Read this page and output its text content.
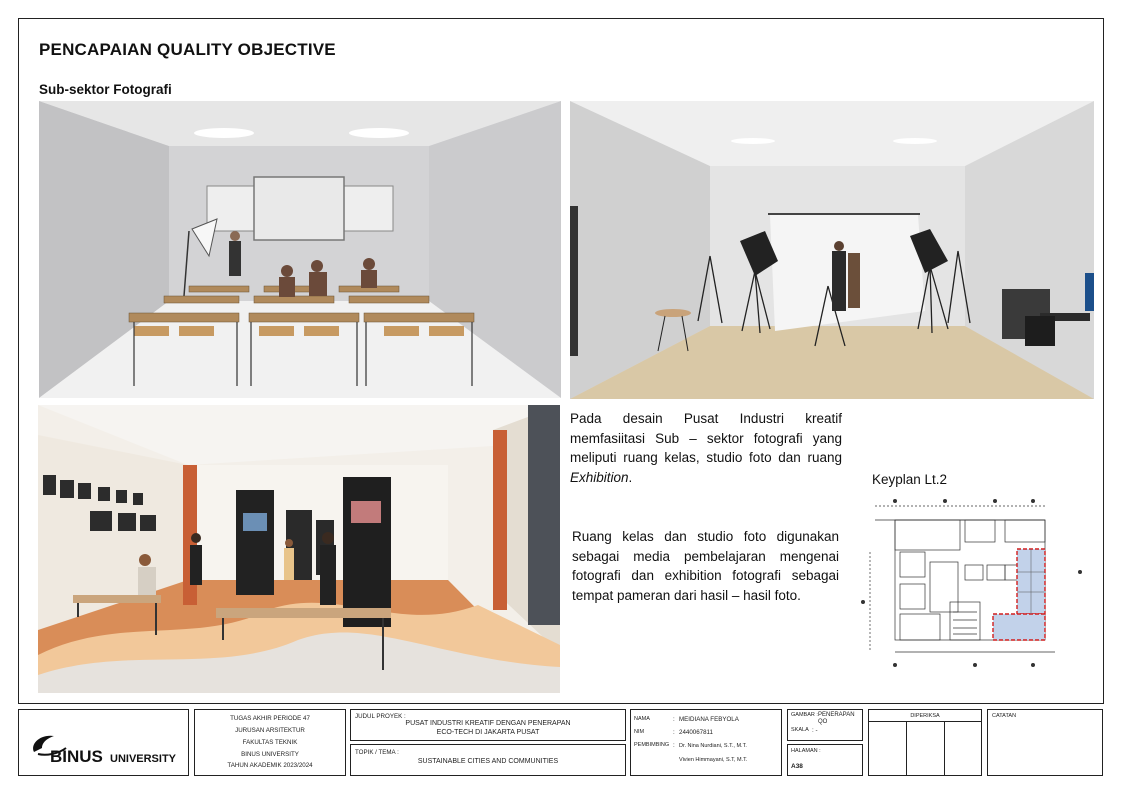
PENCAPAIAN QUALITY OBJECTIVE
Sub-sektor Fotografi

Pada desain Pusat Industri kreatif memfasiitasi Sub – sektor fotografi yang meliputi ruang kelas, studio foto dan ruang Exhibition.

Ruang kelas dan studio foto digunakan sebagai media pembelajaran mengenai fotografi dan exhibition fotografi sebagai tempat pameran dari hasil – hasil foto.

Keyplan Lt.2
BINUS UNIVERSITY
TUGAS AKHIR PERIODE 47
JURUSAN ARSITEKTUR
FAKULTAS TEKNIK
BINUS UNIVERSITY
TAHUN AKADEMIK 2023/2024
JUDUL PROYEK :
PUSAT INDUSTRI KREATIF DENGAN PENERAPAN
ECO-TECH DI JAKARTA PUSAT
TOPIK / TEMA :
SUSTAINABLE CITIES AND COMMUNITIES
NAMA	: MEIDIANA FEBYOLA
NIM	: 2440067811
PEMBIMBING : Dr. Nina Nurdiani, S.T., M.T.
Vivien Himmayani, S.T, M.T.
GAMBAR : PENERAPAN QO
SKALA : -
HALAMAN :
A38
DIPERIKSA	CATATAN
